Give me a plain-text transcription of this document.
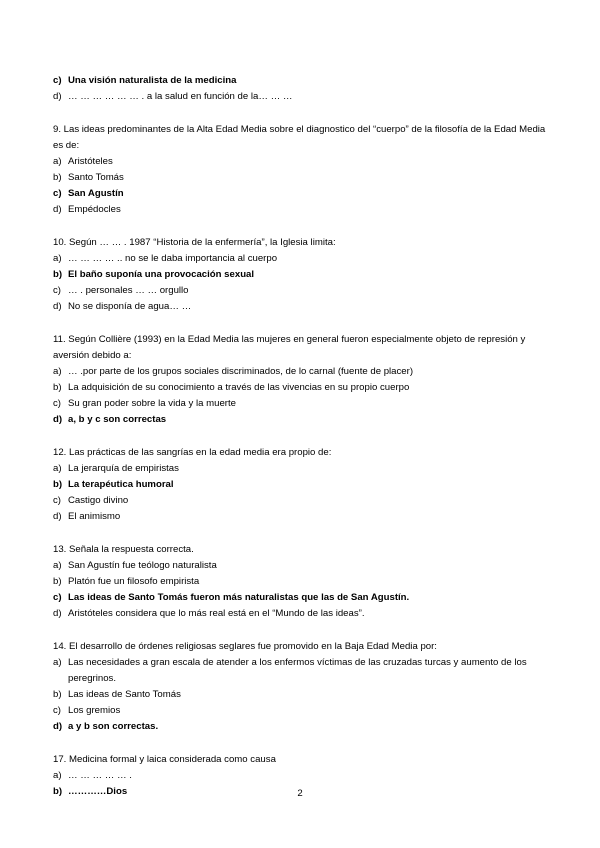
c) Una visión naturalista de la medicina
d) … … … … … … . a la salud en función de la… … …
9. Las ideas predominantes de la Alta Edad Media sobre el diagnostico del “cuerpo” de la filosofía de la Edad Media es de:
a) Aristóteles
b) Santo Tomás
c) San Agustín
d) Empédocles
10. Según … … . 1987 “Historia de la enfermería”, la Iglesia limita:
a) … … … … .. no se le daba importancia al cuerpo
b) El baño suponía una provocación sexual
c) … . personales … … orgullo
d) No se disponía de agua… …
11. Según Collière (1993) en la Edad Media las mujeres en general fueron especialmente objeto de represión y aversión debido a:
a) … .por parte de los grupos sociales discriminados, de lo carnal (fuente de placer)
b) La adquisición de su conocimiento a través de las vivencias en su propio cuerpo
c) Su gran poder sobre la vida y la muerte
d) a, b y c son correctas
12. Las prácticas de las sangrías en la edad media era propio de:
a) La jerarquía de empiristas
b) La terapéutica humoral
c) Castigo divino
d) El animismo
13. Señala la respuesta correcta.
a) San Agustín fue teólogo naturalista
b) Platón fue un filosofo empirista
c) Las ideas de Santo Tomás fueron más naturalistas que las de San Agustín.
d) Aristóteles considera que lo más real está en el “Mundo de las ideas”.
14. El desarrollo de órdenes religiosas seglares fue promovido en la Baja Edad Media por:
a) Las necesidades a gran escala de atender a los enfermos víctimas de las cruzadas turcas y aumento de los
peregrinos.
b) Las ideas de Santo Tomás
c) Los gremios
d) a y b son correctas.
17. Medicina formal y laica considerada como causa
a) … … … … … .
b) …………Dios	2
